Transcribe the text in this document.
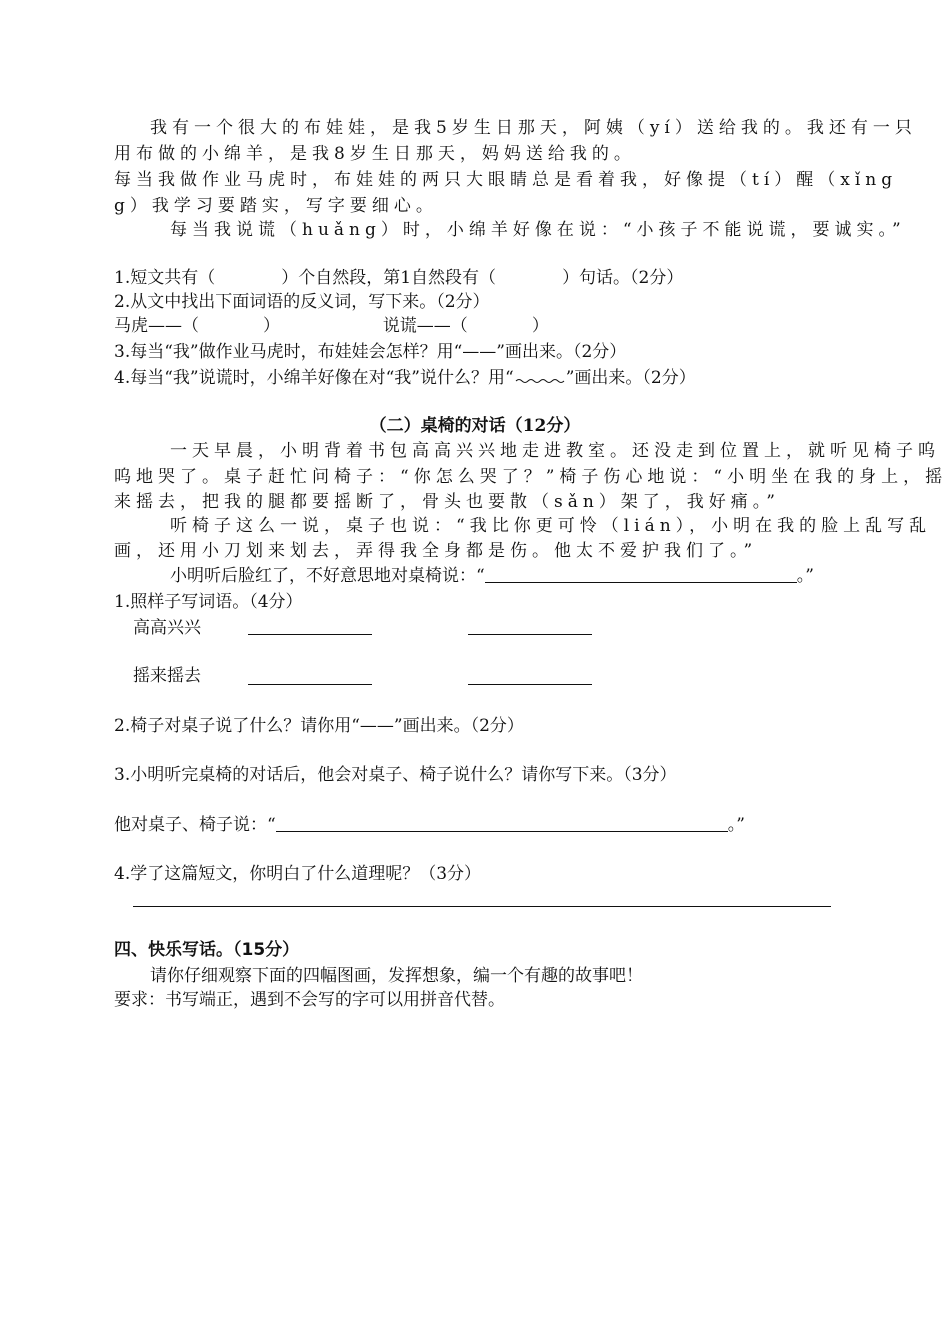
我有一个很大的布娃娃，是我5岁生日那天，阿姨（yí）送给我的。我还有一只
用布做的小绵羊，是我8岁生日那天，妈妈送给我的。
每当我做作业马虎时，布娃娃的两只大眼睛总是看着我，好像提（tí）醒（xǐng
g）我学习要踏实，写字要细心。
每当我说谎（huǎng）时，小绵羊好像在说：“小孩子不能说谎，要诚实。”
1.短文共有（	）个自然段，第1自然段有（	）句话。（2分）
2.从文中找出下面词语的反义词，写下来。（2分）
马虎——（	）	说谎——（	）
3.每当“我”做作业马虎时，布娃娃会怎样？用“——”画出来。（2分）
4.每当“我”说谎时，小绵羊好像在对“我”说什么？用“	”画出来。（2分）
（二）桌椅的对话（12分）
一天早晨，小明背着书包高高兴兴地走进教室。还没走到位置上，就听见椅子呜
呜地哭了。桌子赶忙问椅子：“你怎么哭了？”椅子伤心地说：“小明坐在我的身上，摇
来摇去，把我的腿都要摇断了，骨头也要散（sǎn）架了，我好痛。”
听椅子这么一说，桌子也说：“我比你更可怜（lián），小明在我的脸上乱写乱
画，还用小刀划来划去，弄得我全身都是伤。他太不爱护我们了。”
小明听后脸红了，不好意思地对桌椅说：“	。”
1.照样子写词语。（4分）
高高兴兴
摇来摇去
2.椅子对桌子说了什么？请你用“——”画出来。（2分）
3.小明听完桌椅的对话后，他会对桌子、椅子说什么？请你写下来。（3分）
他对桌子、椅子说：“	。”
4.学了这篇短文，你明白了什么道理呢？（3分）
四、快乐写话。（15分）
请你仔细观察下面的四幅图画，发挥想象，编一个有趣的故事吧！
要求：书写端正，遇到不会写的字可以用拼音代替。
